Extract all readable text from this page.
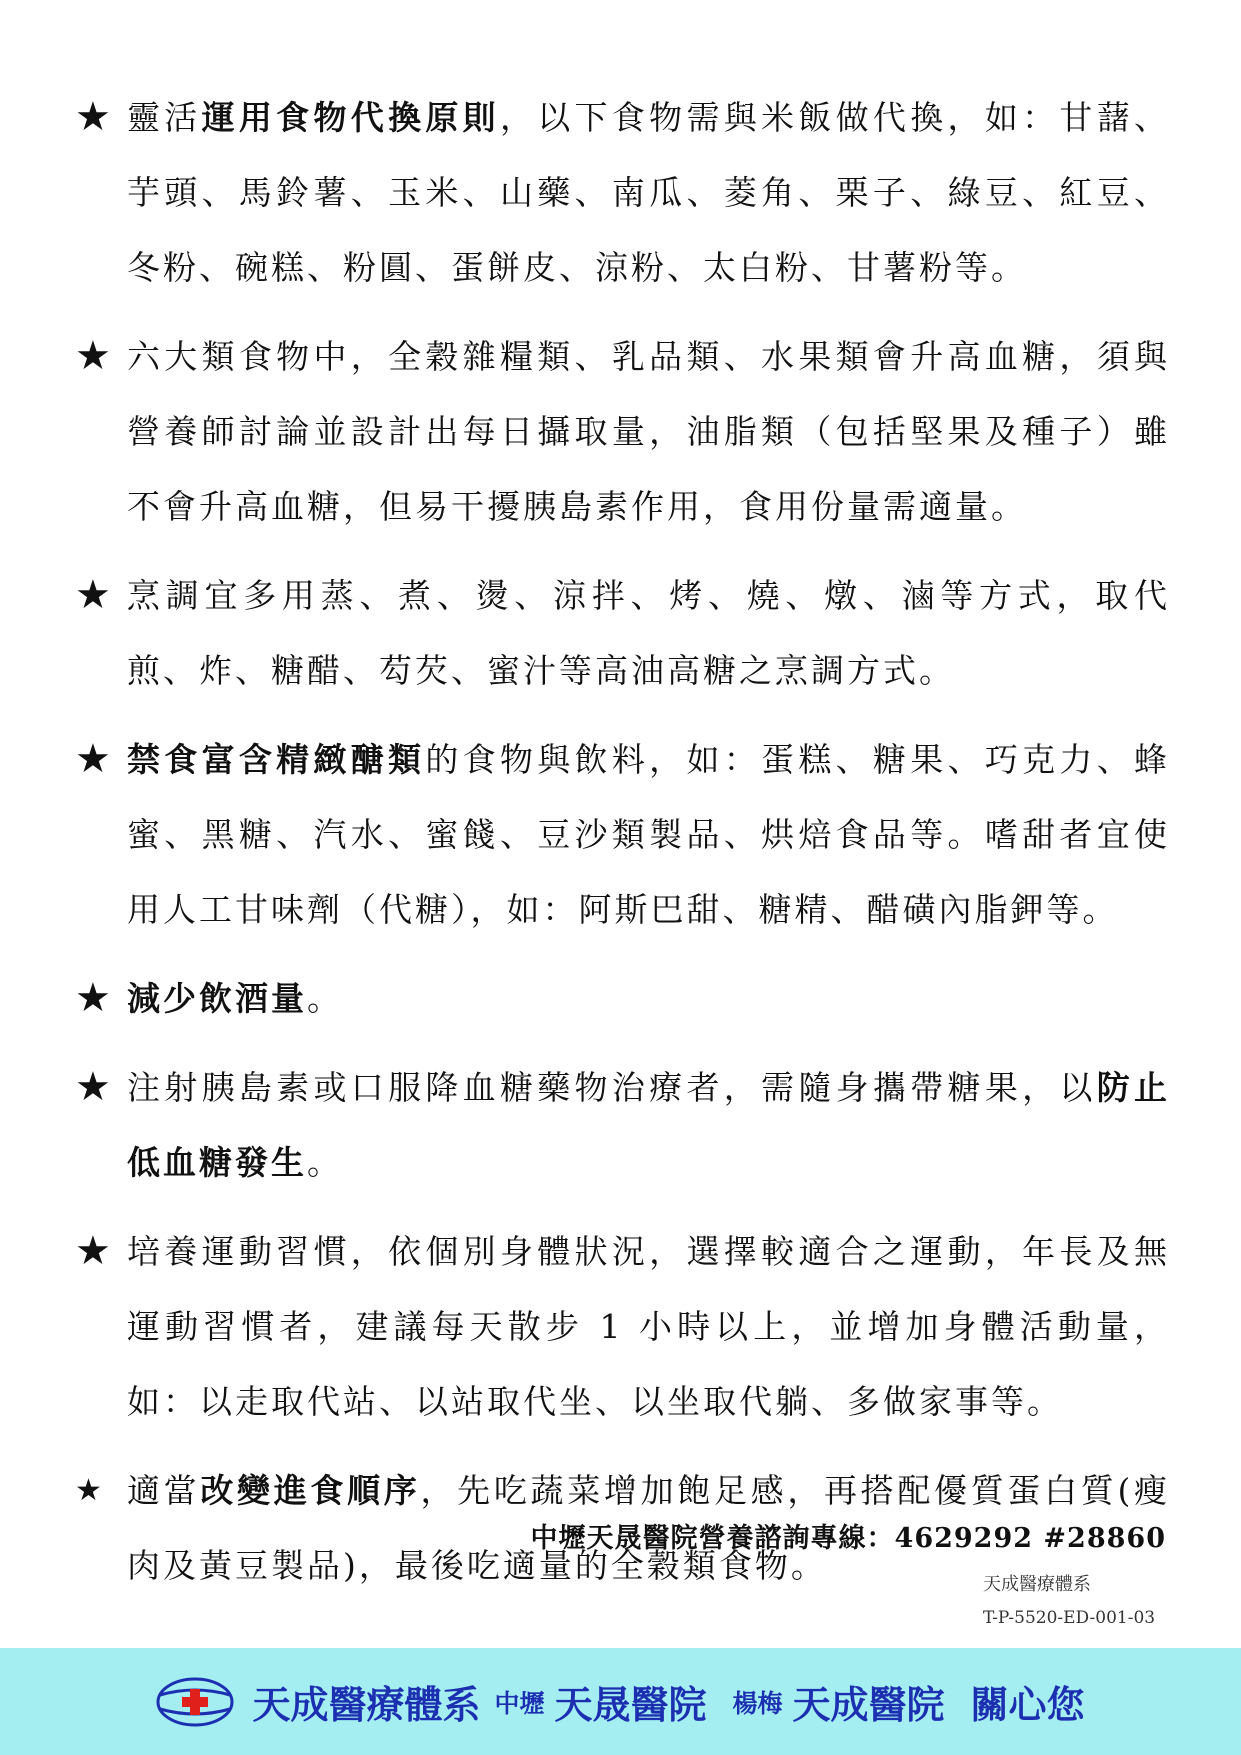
★ 靈活運用食物代換原則，以下食物需與米飯做代換，如：甘藷、芋頭、馬鈴薯、玉米、山藥、南瓜、菱角、栗子、綠豆、紅豆、冬粉、碗糕、粉圓、蛋餅皮、涼粉、太白粉、甘薯粉等。
★ 六大類食物中，全穀雜糧類、乳品類、水果類會升高血糖，須與營養師討論並設計出每日攝取量，油脂類（包括堅果及種子）雖不會升高血糖，但易干擾胰島素作用，食用份量需適量。
★ 烹調宜多用蒸、煮、燙、涼拌、烤、燒、燉、滷等方式，取代煎、炸、糖醋、芶芡、蜜汁等高油高糖之烹調方式。
★ 禁食富含精緻醣類的食物與飲料，如：蛋糕、糖果、巧克力、蜂蜜、黑糖、汽水、蜜餞、豆沙類製品、烘焙食品等。嗜甜者宜使用人工甘味劑（代糖），如：阿斯巴甜、糖精、醋磺內脂鉀等。
★ 減少飲酒量。
★ 注射胰島素或口服降血糖藥物治療者，需隨身攜帶糖果，以防止低血糖發生。
★ 培養運動習慣，依個別身體狀況，選擇較適合之運動，年長及無運動習慣者，建議每天散步 1 小時以上，並增加身體活動量，如：以走取代站、以站取代坐、以坐取代躺、多做家事等。
★ 適當改變進食順序，先吃蔬菜增加飽足感，再搭配優質蛋白質(瘦肉及黃豆製品)，最後吃適量的全穀類食物。
中壢天晟醫院營養諮詢專線：4629292 #28860
天成醫療體系
T-P-5520-ED-001-03
天成醫療體系 中壢 天晟醫院 楊梅 天成醫院 關心您
